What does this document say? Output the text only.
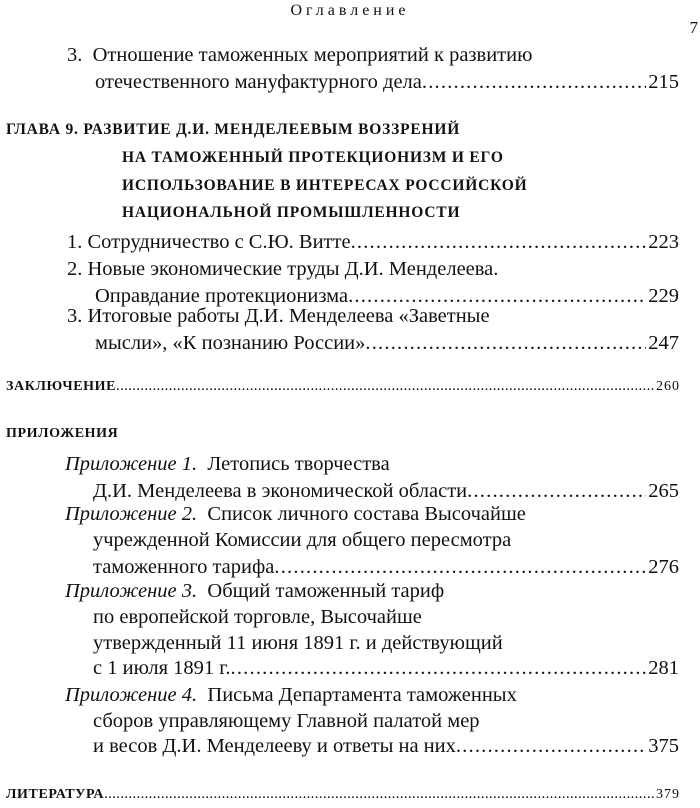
Оглавление
7
3.  Отношение таможенных мероприятий к развитию
отечественного мануфактурного дела .....	215
ГЛАВА 9. РАЗВИТИЕ Д.И. МЕНДЕЛЕЕВЫМ ВОЗЗРЕНИЙ
НА ТАМОЖЕННЫЙ ПРОТЕКЦИОНИЗМ И ЕГО
ИСПОЛЬЗОВАНИЕ В ИНТЕРЕСАХ РОССИЙСКОЙ
НАЦИОНАЛЬНОЙ ПРОМЫШЛЕННОСТИ
1. Сотрудничество с С.Ю. Витте .....	223
2. Новые экономические труды Д.И. Менделеева.
Оправдание протекционизма .....	229
3. Итоговые работы Д.И. Менделеева «Заветные
мысли», «К познанию России» .....	247
ЗАКЛЮЧЕНИЕ .....	260
ПРИЛОЖЕНИЯ
Приложение 1. Летопись творчества
Д.И. Менделеева в экономической области .....	265
Приложение 2. Список личного состава Высочайше
учрежденной Комиссии для общего пересмотра
таможенного тарифа .....	276
Приложение 3. Общий таможенный тариф
по европейской торговле, Высочайше
утвержденный 11 июня 1891 г. и действующий
с 1 июля 1891 г. .....	281
Приложение 4. Письма Департамента таможенных
сборов управляющему Главной палатой мер
и весов Д.И. Менделееву и ответы на них .....	375
ЛИТЕРАТУРА .....	379
